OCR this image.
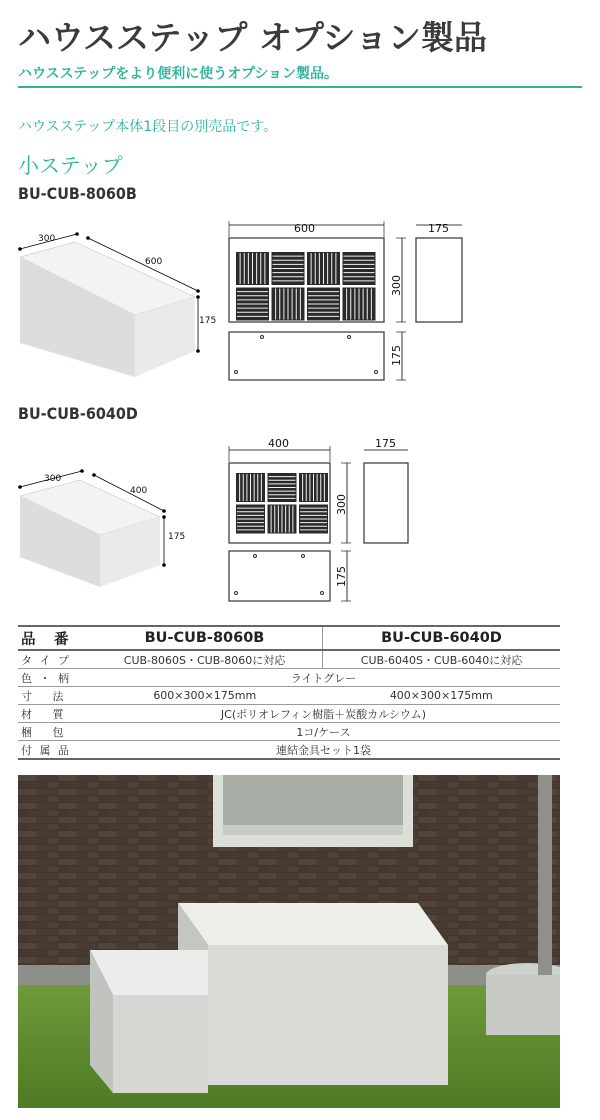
ハウスステップ オプション製品
ハウスステップをより便利に使うオプション製品。
ハウスステップ本体1段目の別売品です。
小ステップ
BU-CUB-8060B
300
600
175
600
300
175
175
BU-CUB-6040D
300
400
175
400
300
175
175
品　番	BU-CUB-8060B	BU-CUB-6040D
タ イ プ	CUB-8060S・CUB-8060に対応	CUB-6040S・CUB-6040に対応
色 ・ 柄	ライトグレー	
寸　 法	600×300×175mm	400×300×175mm
材　 質	JC(ポリオレフィン樹脂＋炭酸カルシウム)	
梱　 包	1コ/ケース	
付 属 品	連結金具セット1袋	
